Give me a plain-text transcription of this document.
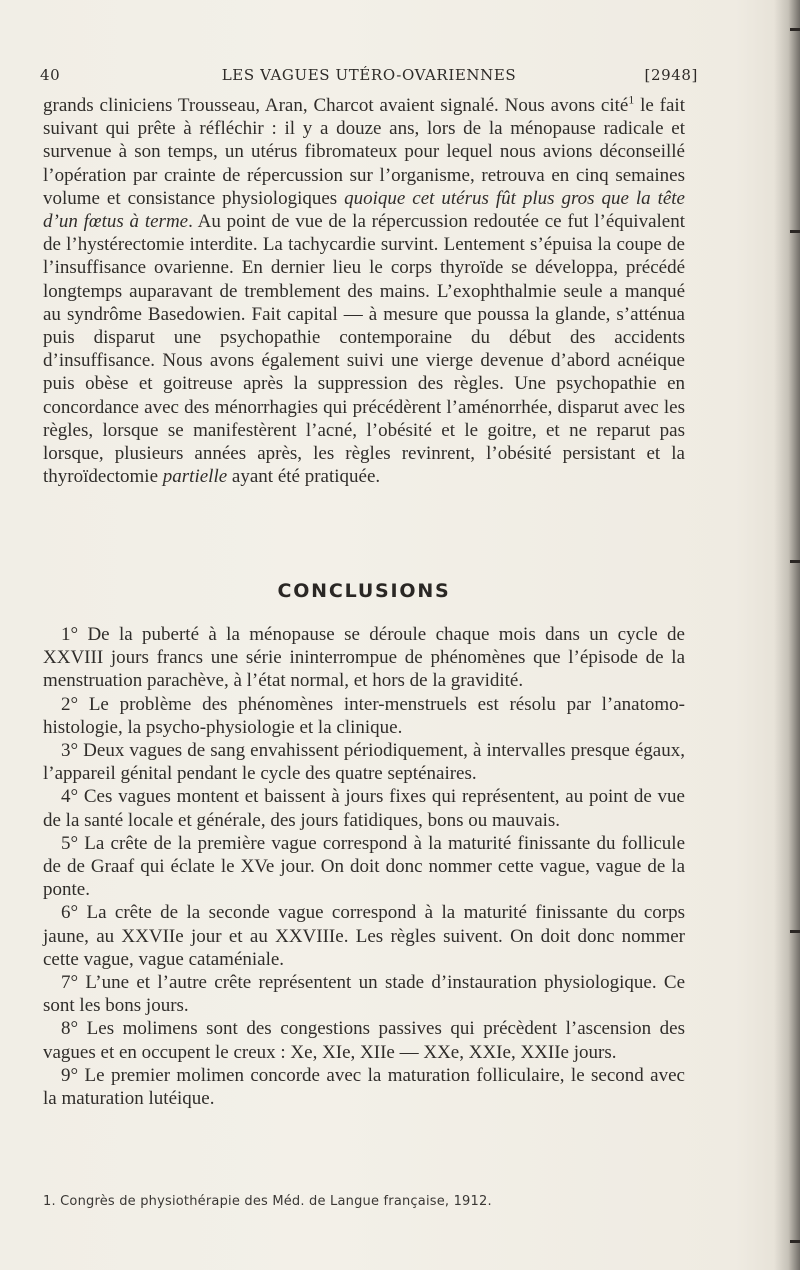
40	LES VAGUES UTÉRO-OVARIENNES	[2948]

grands cliniciens Trousseau, Aran, Charcot avaient signalé. Nous avons cité$^1$ le fait suivant qui prête à réfléchir : il y a douze ans, lors de la ménopause radicale et survenue à son temps, un utérus fibromateux pour lequel nous avions déconseillé l’opération par crainte de répercussion sur l’organisme, retrouva en cinq semaines volume et consistance physiologiques quoique cet utérus fût plus gros que la tête d’un fœtus à terme. Au point de vue de la répercussion redoutée ce fut l’équivalent de l’hystérectomie interdite. La tachycardie survint. Lentement s’épuisa la coupe de l’insuffisance ovarienne. En dernier lieu le corps thyroïde se développa, précédé longtemps auparavant de tremblement des mains. L’exophthalmie seule a manqué au syndrôme Basedowien. Fait capital — à mesure que poussa la glande, s’atténua puis disparut une psychopathie contemporaine du début des accidents d’insuffisance. Nous avons également suivi une vierge devenue d’abord acnéique puis obèse et goitreuse après la suppression des règles. Une psychopathie en concordance avec des ménorrhagies qui précédèrent l’aménorrhée, disparut avec les règles, lorsque se manifestèrent l’acné, l’obésité et le goitre, et ne reparut pas lorsque, plusieurs années après, les règles revinrent, l’obésité persistant et la thyroïdectomie partielle ayant été pratiquée.

CONCLUSIONS

1° De la puberté à la ménopause se déroule chaque mois dans un cycle de XXVIII jours francs une série ininterrompue de phénomènes que l’épisode de la menstruation parachève, à l’état normal, et hors de la gravidité.

2° Le problème des phénomènes inter-menstruels est résolu par l’anatomo-histologie, la psycho-physiologie et la clinique.

3° Deux vagues de sang envahissent périodiquement, à intervalles presque égaux, l’appareil génital pendant le cycle des quatre septénaires.

4° Ces vagues montent et baissent à jours fixes qui représentent, au point de vue de la santé locale et générale, des jours fatidiques, bons ou mauvais.

5° La crête de la première vague correspond à la maturité finissante du follicule de de Graaf qui éclate le XVe jour. On doit donc nommer cette vague, vague de la ponte.

6° La crête de la seconde vague correspond à la maturité finissante du corps jaune, au XXVIIe jour et au XXVIIIe. Les règles suivent. On doit donc nommer cette vague, vague cataméniale.

7° L’une et l’autre crête représentent un stade d’instauration physiologique. Ce sont les bons jours.

8° Les molimens sont des congestions passives qui précèdent l’ascension des vagues et en occupent le creux : Xe, XIe, XIIe — XXe, XXIe, XXIIe jours.

9° Le premier molimen concorde avec la maturation folliculaire, le second avec la maturation lutéique.

1. Congrès de physiothérapie des Méd. de Langue française, 1912.
